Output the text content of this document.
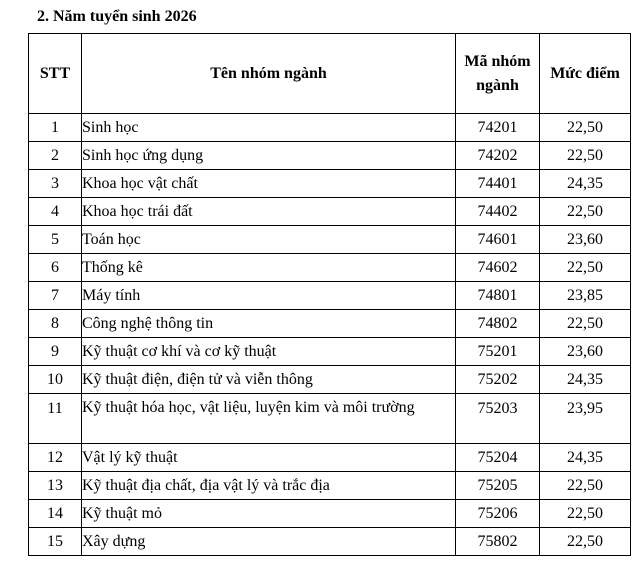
2. Năm tuyển sinh 2026
STT	Tên nhóm ngành	Mã nhóm ngành	Mức điểm
1	Sinh học	74201	22,50
2	Sinh học ứng dụng	74202	22,50
3	Khoa học vật chất	74401	24,35
4	Khoa học trái đất	74402	22,50
5	Toán học	74601	23,60
6	Thống kê	74602	22,50
7	Máy tính	74801	23,85
8	Công nghệ thông tin	74802	22,50
9	Kỹ thuật cơ khí và cơ kỹ thuật	75201	23,60
10	Kỹ thuật điện, điện tử và viễn thông	75202	24,35
11	Kỹ thuật hóa học, vật liệu, luyện kim và môi trường	75203	23,95
12	Vật lý kỹ thuật	75204	24,35
13	Kỹ thuật địa chất, địa vật lý và trắc địa	75205	22,50
14	Kỹ thuật mỏ	75206	22,50
15	Xây dựng	75802	22,50
